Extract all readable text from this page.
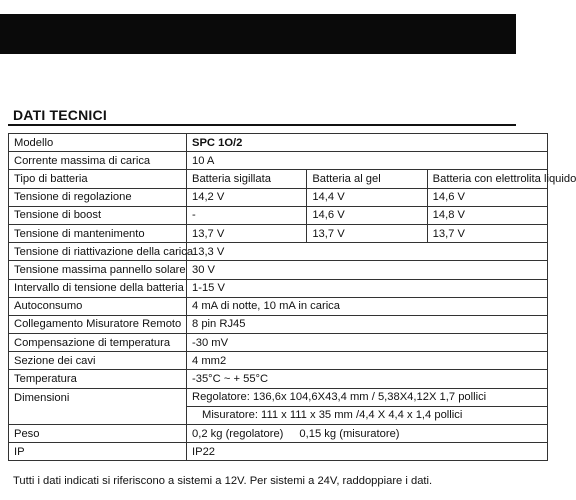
DATI TECNICI
Modello	SPC 1O/2		
Corrente massima di carica	10 A		
Tipo di batteria	Batteria sigillata	Batteria al gel	Batteria con elettrolita liquido
Tensione di regolazione	14,2 V	14,4 V	14,6 V
Tensione di boost	-	14,6 V	14,8 V
Tensione di mantenimento	13,7 V	13,7 V	13,7 V
Tensione di riattivazione della carica	13,3 V		
Tensione massima pannello solare	30 V		
Intervallo di tensione della batteria	1-15 V		
Autoconsumo	4 mA di notte, 10 mA in carica		
Collegamento Misuratore Remoto	8 pin RJ45		
Compensazione di temperatura	-30 mV		
Sezione dei cavi	4 mm2		
Temperatura	-35°C ~ + 55°C		
Dimensioni	Regolatore: 136,6x 104,6X43,4 mm / 5,38X4,12X 1,7 pollici		
	Misuratore: 111 x 111 x 35 mm /4,4 X 4,4 x 1,4 pollici		
Peso	0,2 kg (regolatore) 0,15 kg (misuratore)		
IP	IP22		
Tutti i dati indicati si riferiscono a sistemi a 12V. Per sistemi a 24V, raddoppiare i dati.
